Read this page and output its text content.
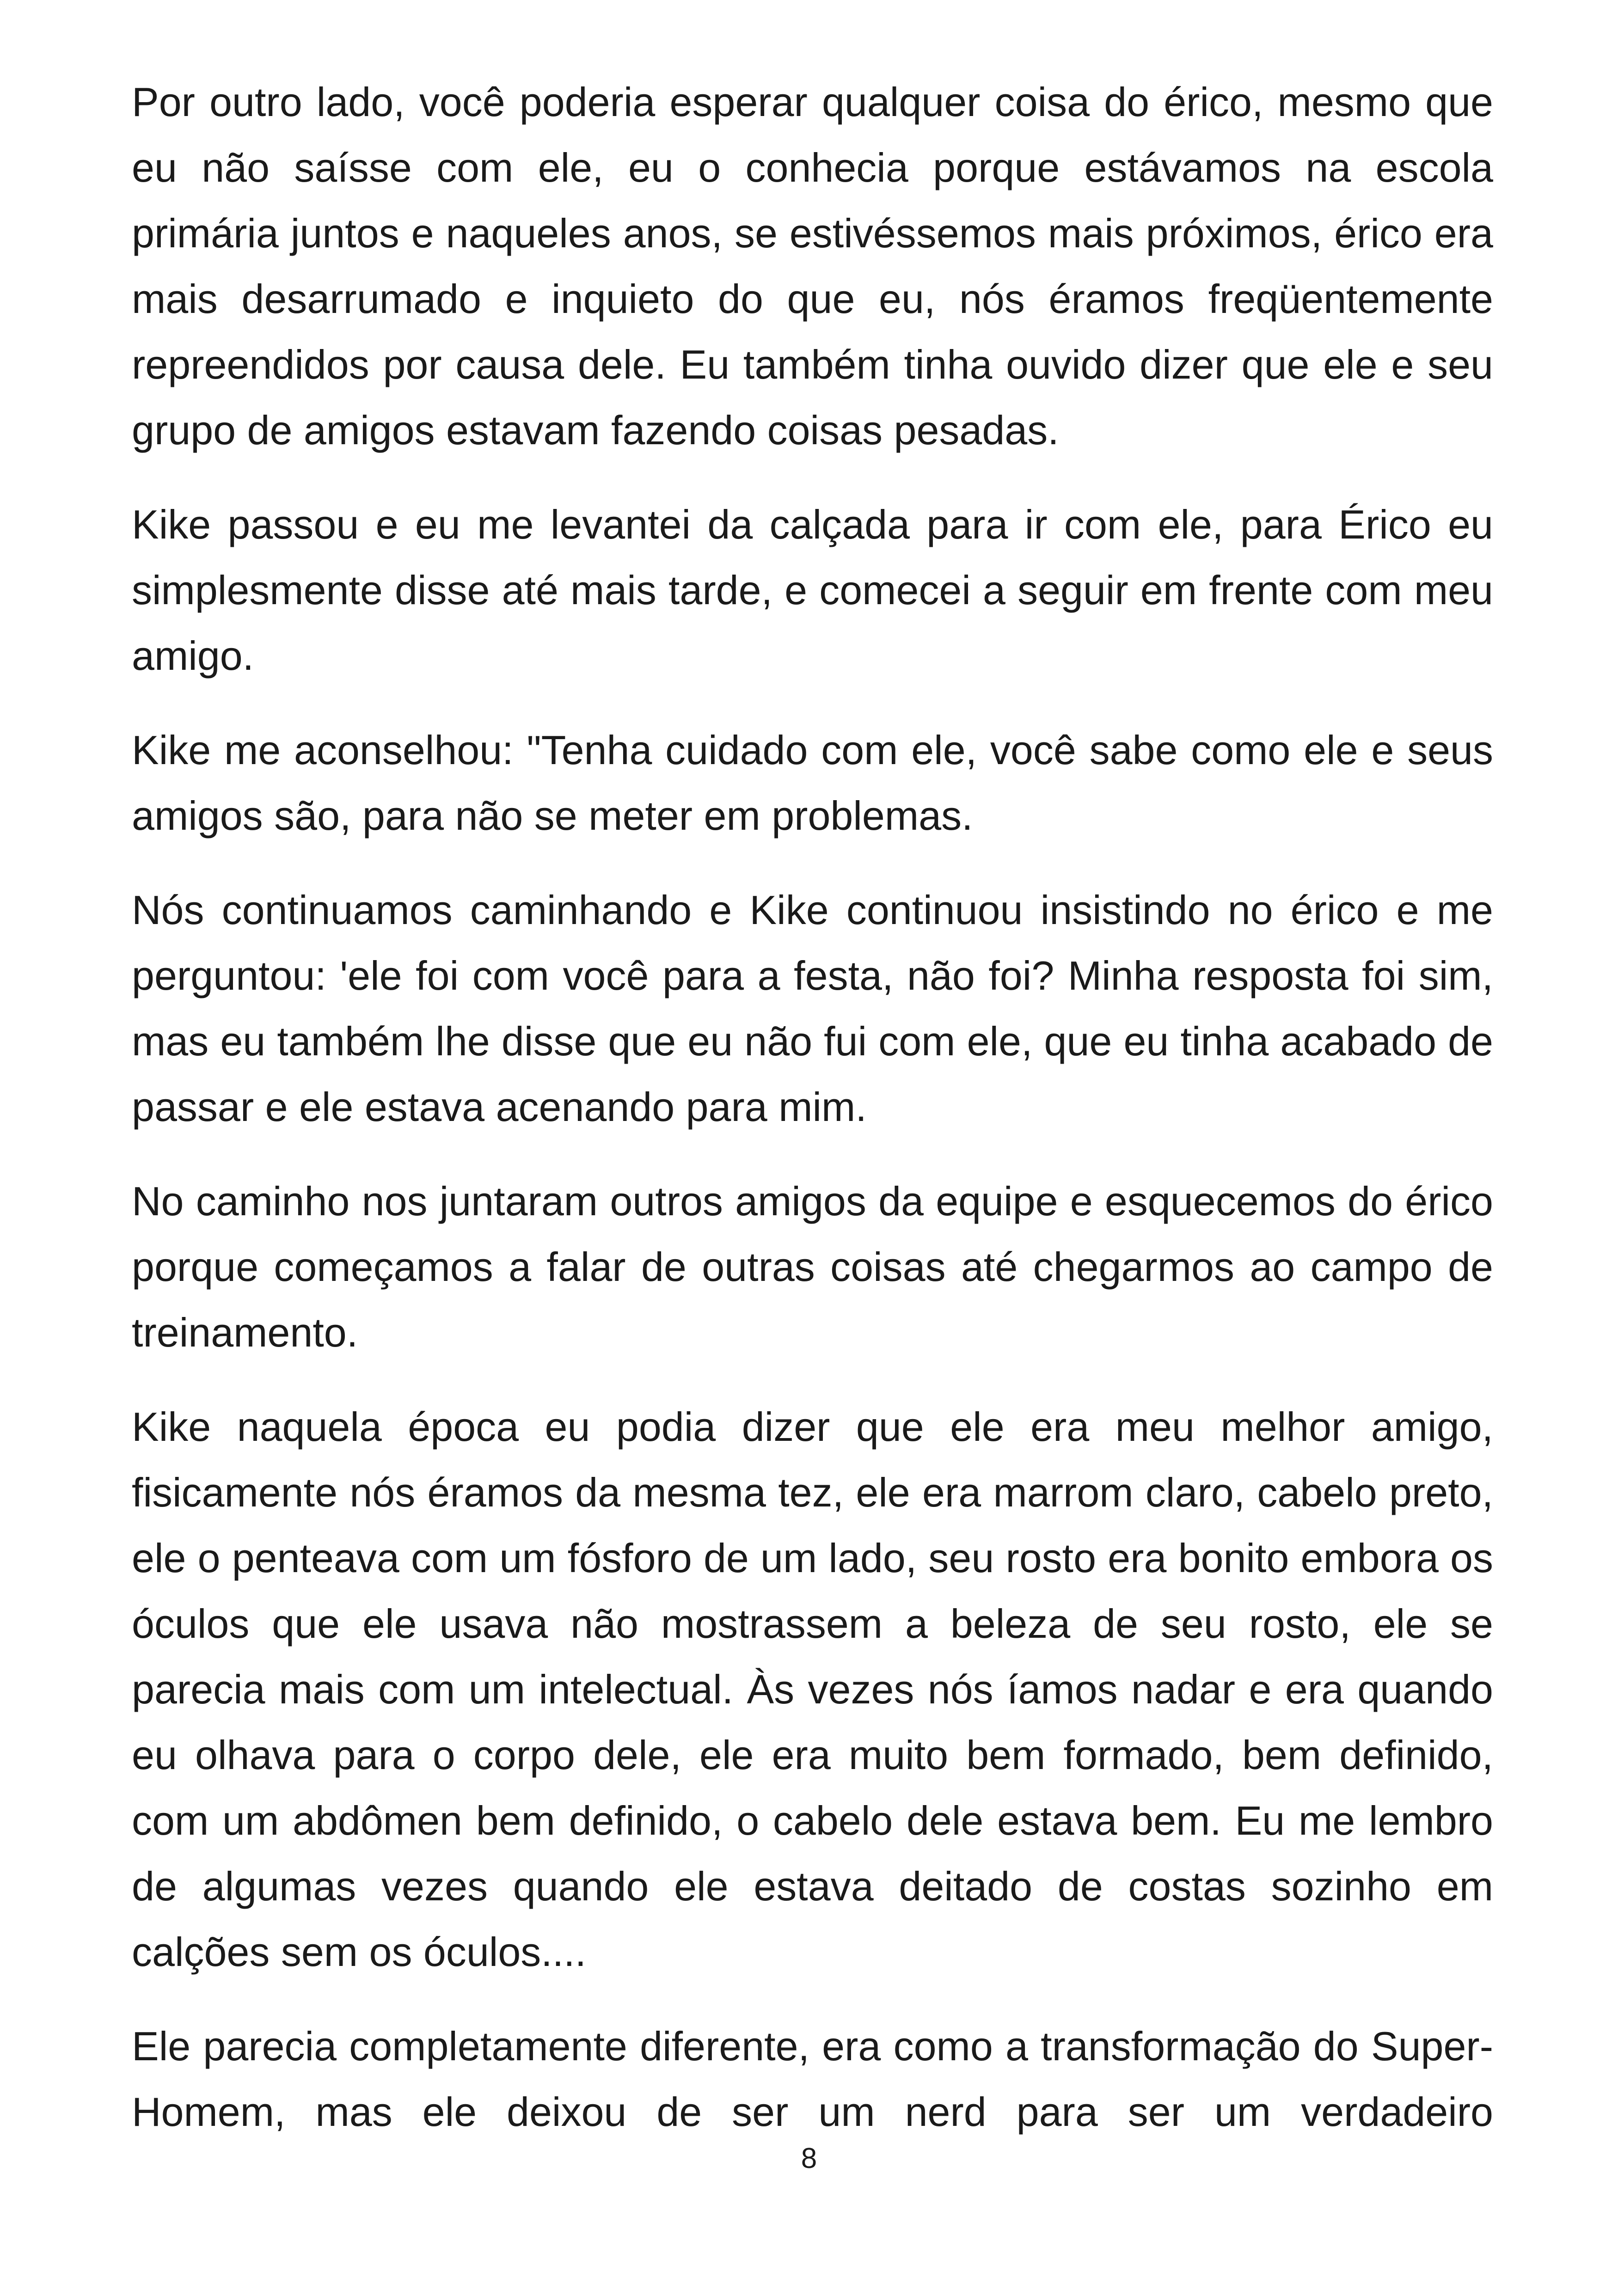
Por outro lado, você poderia esperar qualquer coisa do érico, mesmo que eu não saísse com ele, eu o conhecia porque estávamos na escola primária juntos e naqueles anos, se estivéssemos mais próximos, érico era mais desarrumado e inquieto do que eu, nós éramos freqüentemente repreendidos por causa dele. Eu também tinha ouvido dizer que ele e seu grupo de amigos estavam fazendo coisas pesadas.

Kike passou e eu me levantei da calçada para ir com ele, para Érico eu simplesmente disse até mais tarde, e comecei a seguir em frente com meu amigo.

Kike me aconselhou: "Tenha cuidado com ele, você sabe como ele e seus amigos são, para não se meter em problemas.

Nós continuamos caminhando e Kike continuou insistindo no érico e me perguntou: 'ele foi com você para a festa, não foi? Minha resposta foi sim, mas eu também lhe disse que eu não fui com ele, que eu tinha acabado de passar e ele estava acenando para mim.

No caminho nos juntaram outros amigos da equipe e esquecemos do érico porque começamos a falar de outras coisas até chegarmos ao campo de treinamento.

Kike naquela época eu podia dizer que ele era meu melhor amigo, fisicamente nós éramos da mesma tez, ele era marrom claro, cabelo preto, ele o penteava com um fósforo de um lado, seu rosto era bonito embora os óculos que ele usava não mostrassem a beleza de seu rosto, ele se parecia mais com um intelectual. Às vezes nós íamos nadar e era quando eu olhava para o corpo dele, ele era muito bem formado, bem definido, com um abdômen bem definido, o cabelo dele estava bem. Eu me lembro de algumas vezes quando ele estava deitado de costas sozinho em calções sem os óculos....

Ele parecia completamente diferente, era como a transformação do Super-Homem, mas ele deixou de ser um nerd para ser um verdadeiro

8
